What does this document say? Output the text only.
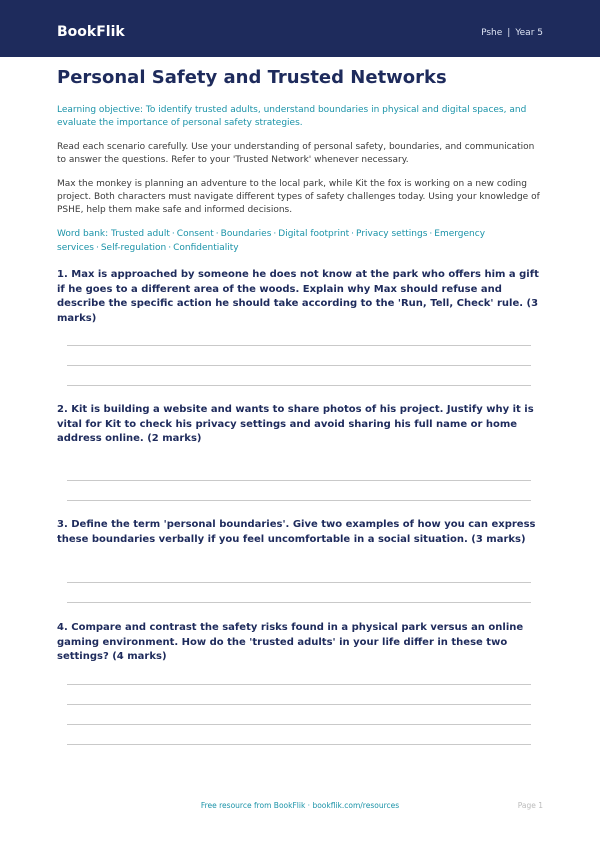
BookFlik	Pshe | Year 5
Personal Safety and Trusted Networks

Learning objective: To identify trusted adults, understand boundaries in physical and digital spaces, and evaluate the importance of personal safety strategies.

Read each scenario carefully. Use your understanding of personal safety, boundaries, and communication to answer the questions. Refer to your 'Trusted Network' whenever necessary.

Max the monkey is planning an adventure to the local park, while Kit the fox is working on a new coding project. Both characters must navigate different types of safety challenges today. Using your knowledge of PSHE, help them make safe and informed decisions.

Word bank: Trusted adult · Consent · Boundaries · Digital footprint · Privacy settings · Emergency services · Self-regulation · Confidentiality

1. Max is approached by someone he does not know at the park who offers him a gift if he goes to a different area of the woods. Explain why Max should refuse and describe the specific action he should take according to the 'Run, Tell, Check' rule. (3 marks)

2. Kit is building a website and wants to share photos of his project. Justify why it is vital for Kit to check his privacy settings and avoid sharing his full name or home address online. (2 marks)

3. Define the term 'personal boundaries'. Give two examples of how you can express these boundaries verbally if you feel uncomfortable in a social situation. (3 marks)

4. Compare and contrast the safety risks found in a physical park versus an online gaming environment. How do the 'trusted adults' in your life differ in these two settings? (4 marks)

Free resource from BookFlik · bookflik.com/resources	Page 1
